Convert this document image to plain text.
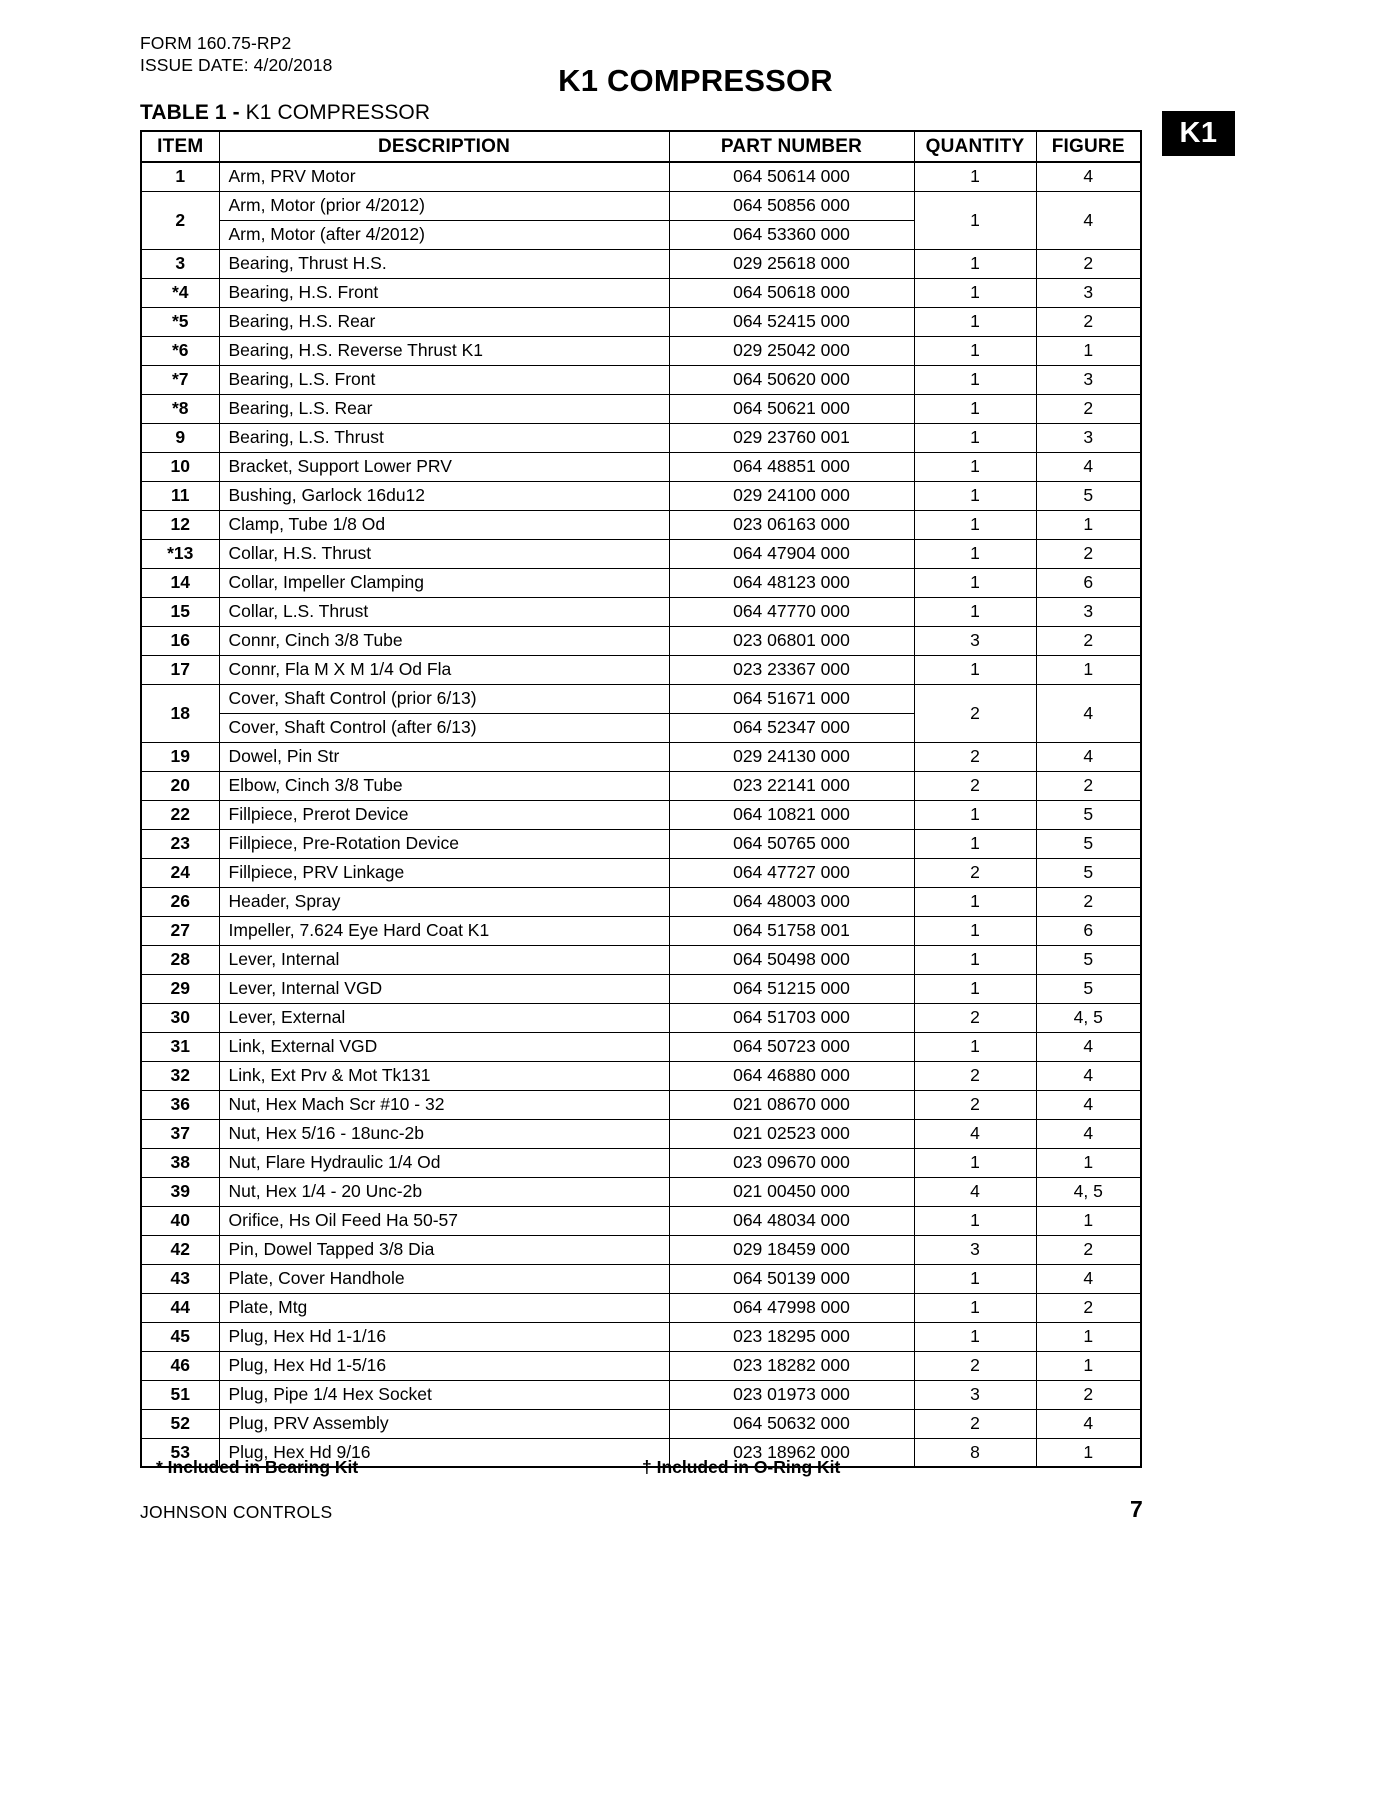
FORM 160.75-RP2
ISSUE DATE: 4/20/2018	K1 COMPRESSOR
TABLE 1 - K1 COMPRESSOR
K1
ITEM	DESCRIPTION	PART NUMBER	QUANTITY	FIGURE
1	Arm, PRV Motor	064 50614 000	1	4
2	Arm, Motor (prior 4/2012)	064 50856 000	1	4
	Arm, Motor (after 4/2012)	064 53360 000		
3	Bearing, Thrust H.S.	029 25618 000	1	2
*4	Bearing, H.S. Front	064 50618 000	1	3
*5	Bearing, H.S. Rear	064 52415 000	1	2
*6	Bearing, H.S. Reverse Thrust K1	029 25042 000	1	1
*7	Bearing, L.S. Front	064 50620 000	1	3
*8	Bearing, L.S. Rear	064 50621 000	1	2
9	Bearing, L.S. Thrust	029 23760 001	1	3
10	Bracket, Support Lower PRV	064 48851 000	1	4
11	Bushing, Garlock 16du12	029 24100 000	1	5
12	Clamp, Tube 1/8 Od	023 06163 000	1	1
*13	Collar, H.S. Thrust	064 47904 000	1	2
14	Collar, Impeller Clamping	064 48123 000	1	6
15	Collar, L.S. Thrust	064 47770 000	1	3
16	Connr, Cinch 3/8 Tube	023 06801 000	3	2
17	Connr, Fla M X M 1/4 Od Fla	023 23367 000	1	1
18	Cover, Shaft Control (prior 6/13)	064 51671 000	2	4
	Cover, Shaft Control (after 6/13)	064 52347 000		
19	Dowel, Pin Str	029 24130 000	2	4
20	Elbow, Cinch 3/8 Tube	023 22141 000	2	2
22	Fillpiece, Prerot Device	064 10821 000	1	5
23	Fillpiece, Pre-Rotation Device	064 50765 000	1	5
24	Fillpiece, PRV Linkage	064 47727 000	2	5
26	Header, Spray	064 48003 000	1	2
27	Impeller, 7.624 Eye Hard Coat K1	064 51758 001	1	6
28	Lever, Internal	064 50498 000	1	5
29	Lever, Internal VGD	064 51215 000	1	5
30	Lever, External	064 51703 000	2	4, 5
31	Link, External VGD	064 50723 000	1	4
32	Link, Ext Prv & Mot Tk131	064 46880 000	2	4
36	Nut, Hex Mach Scr #10 - 32	021 08670 000	2	4
37	Nut, Hex 5/16 - 18unc-2b	021 02523 000	4	4
38	Nut, Flare Hydraulic 1/4 Od	023 09670 000	1	1
39	Nut, Hex 1/4 - 20 Unc-2b	021 00450 000	4	4, 5
40	Orifice, Hs Oil Feed Ha 50-57	064 48034 000	1	1
42	Pin, Dowel Tapped 3/8 Dia	029 18459 000	3	2
43	Plate, Cover Handhole	064 50139 000	1	4
44	Plate, Mtg	064 47998 000	1	2
45	Plug, Hex Hd 1-1/16	023 18295 000	1	1
46	Plug, Hex Hd 1-5/16	023 18282 000	2	1
51	Plug, Pipe 1/4 Hex Socket	023 01973 000	3	2
52	Plug, PRV Assembly	064 50632 000	2	4
53	Plug, Hex Hd 9/16	023 18962 000	8	1
* Included in Bearing Kit	† Included in O-Ring Kit
JOHNSON CONTROLS	7
